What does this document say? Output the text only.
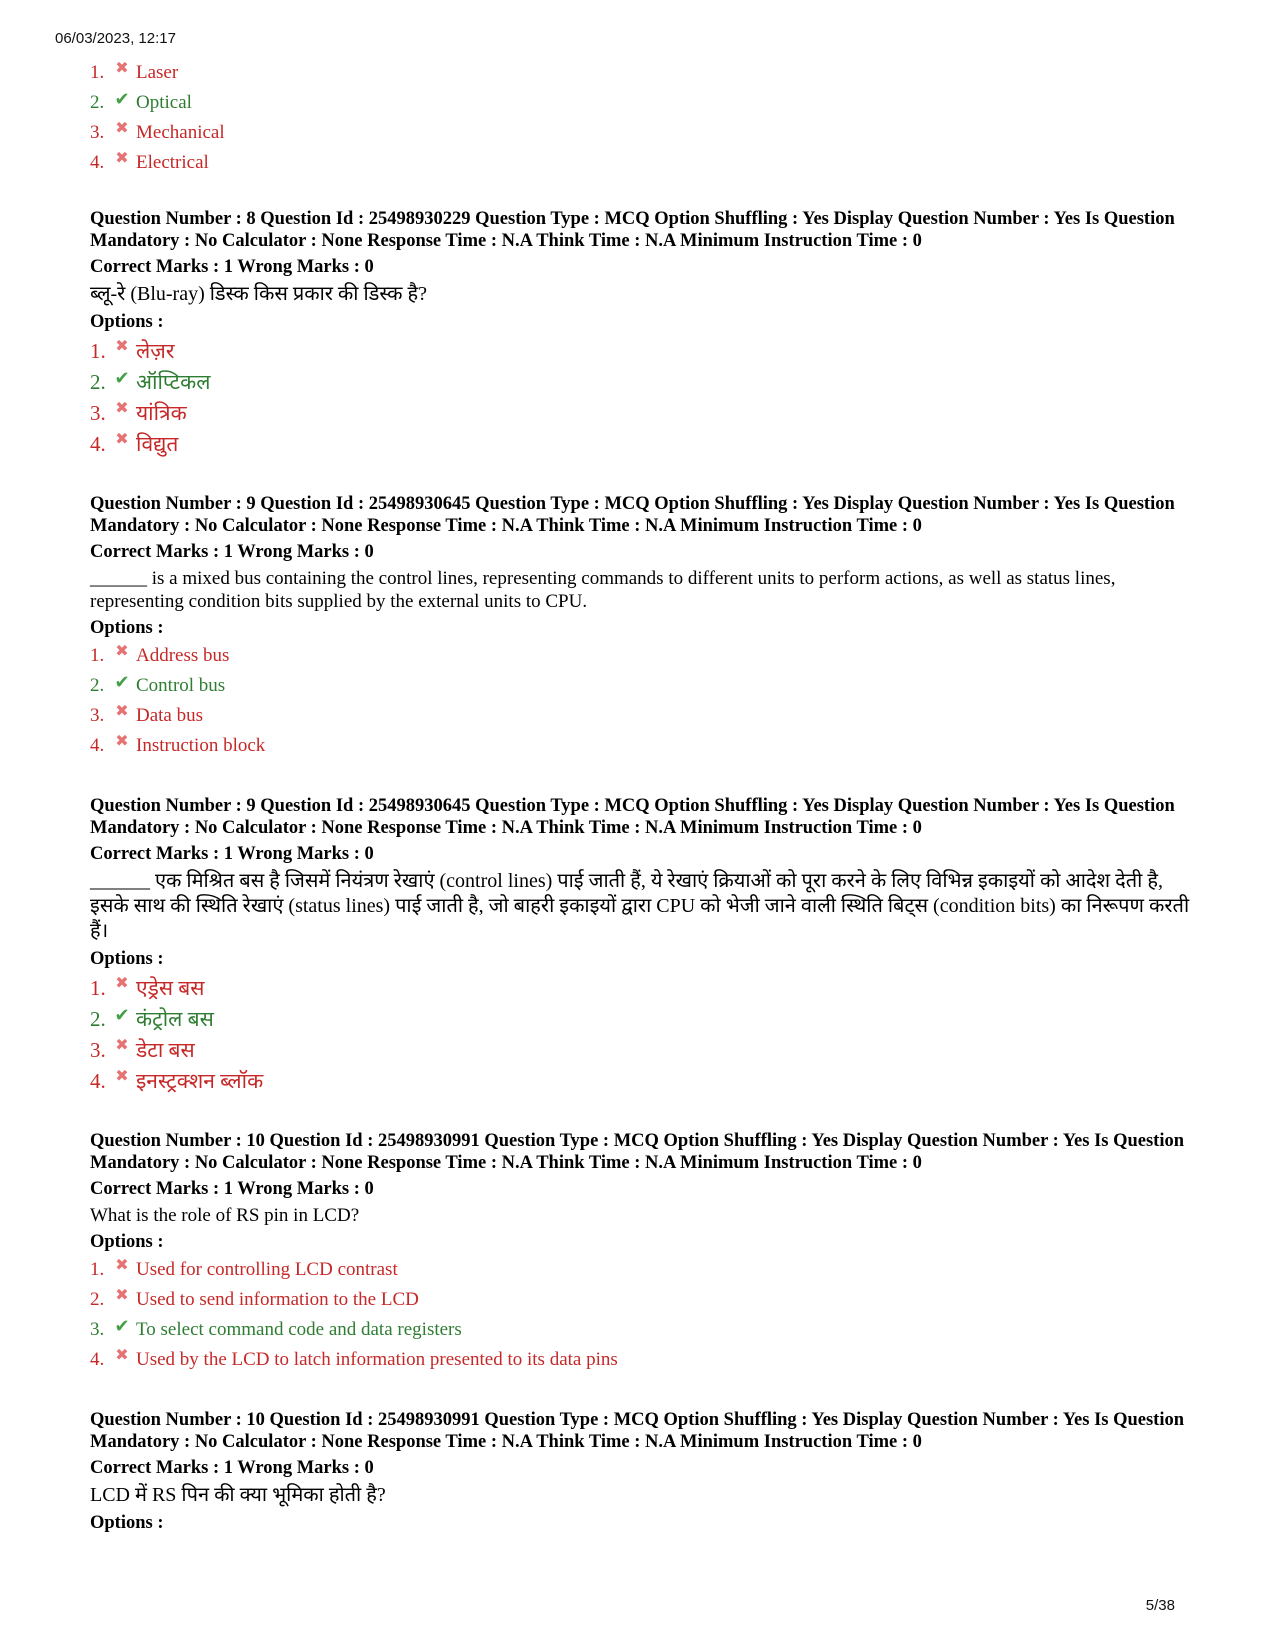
06/03/2023, 12:17
1. ✖ Laser
2. ✔ Optical
3. ✖ Mechanical
4. ✖ Electrical
Question Number : 8 Question Id : 25498930229 Question Type : MCQ Option Shuffling : Yes Display Question Number : Yes Is Question Mandatory : No Calculator : None Response Time : N.A Think Time : N.A Minimum Instruction Time : 0
Correct Marks : 1 Wrong Marks : 0
ब्लू-रे (Blu-ray) डिस्क किस प्रकार की डिस्क है?
Options :
1. ✖ लेज़र
2. ✔ ऑप्टिकल
3. ✖ यांत्रिक
4. ✖ विद्युत
Question Number : 9 Question Id : 25498930645 Question Type : MCQ Option Shuffling : Yes Display Question Number : Yes Is Question Mandatory : No Calculator : None Response Time : N.A Think Time : N.A Minimum Instruction Time : 0
Correct Marks : 1 Wrong Marks : 0
______ is a mixed bus containing the control lines, representing commands to different units to perform actions, as well as status lines, representing condition bits supplied by the external units to CPU.
Options :
1. ✖ Address bus
2. ✔ Control bus
3. ✖ Data bus
4. ✖ Instruction block
Question Number : 9 Question Id : 25498930645 Question Type : MCQ Option Shuffling : Yes Display Question Number : Yes Is Question Mandatory : No Calculator : None Response Time : N.A Think Time : N.A Minimum Instruction Time : 0
Correct Marks : 1 Wrong Marks : 0
______ एक मिश्रित बस है जिसमें नियंत्रण रेखाएं (control lines) पाई जाती हैं, ये रेखाएं क्रियाओं को पूरा करने के लिए विभिन्न इकाइयों को आदेश देती है, इसके साथ की स्थिति रेखाएं (status lines) पाई जाती है, जो बाहरी इकाइयों द्वारा CPU को भेजी जाने वाली स्थिति बिट्स (condition bits) का निरूपण करती हैं।
Options :
1. ✖ एड्रेस बस
2. ✔ कंट्रोल बस
3. ✖ डेटा बस
4. ✖ इनस्ट्रक्शन ब्लॉक
Question Number : 10 Question Id : 25498930991 Question Type : MCQ Option Shuffling : Yes Display Question Number : Yes Is Question Mandatory : No Calculator : None Response Time : N.A Think Time : N.A Minimum Instruction Time : 0
Correct Marks : 1 Wrong Marks : 0
What is the role of RS pin in LCD?
Options :
1. ✖ Used for controlling LCD contrast
2. ✖ Used to send information to the LCD
3. ✔ To select command code and data registers
4. ✖ Used by the LCD to latch information presented to its data pins
Question Number : 10 Question Id : 25498930991 Question Type : MCQ Option Shuffling : Yes Display Question Number : Yes Is Question Mandatory : No Calculator : None Response Time : N.A Think Time : N.A Minimum Instruction Time : 0
Correct Marks : 1 Wrong Marks : 0
LCD में RS पिन की क्या भूमिका होती है?
Options :
5/38
